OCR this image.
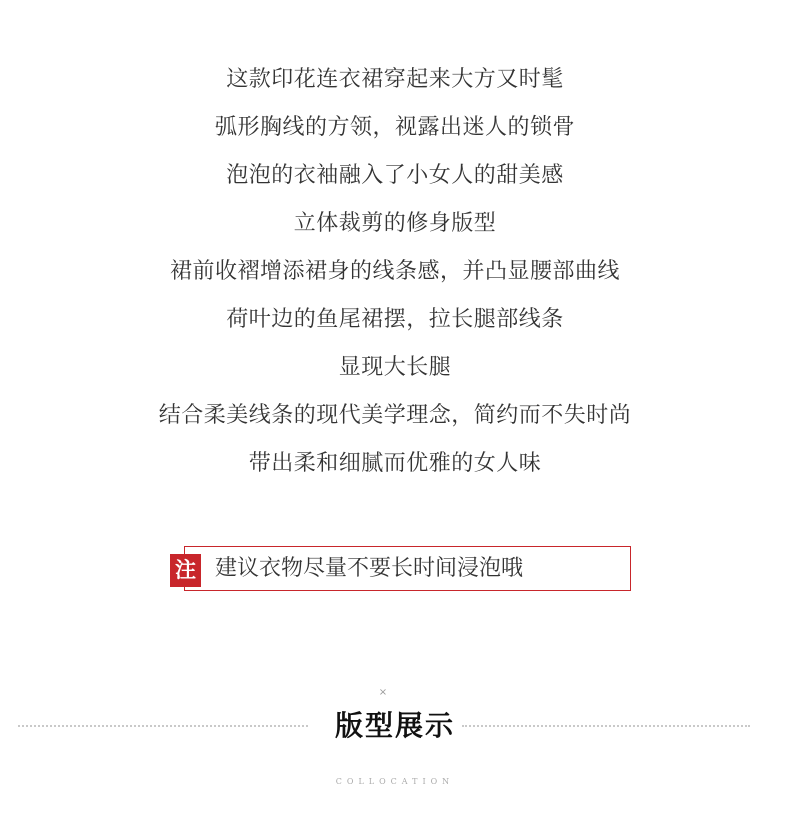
这款印花连衣裙穿起来大方又时髦
弧形胸线的方领，视露出迷人的锁骨
泡泡的衣袖融入了小女人的甜美感
立体裁剪的修身版型
裙前收褶增添裙身的线条感，并凸显腰部曲线
荷叶边的鱼尾裙摆，拉长腿部线条
显现大长腿
结合柔美线条的现代美学理念，简约而不失时尚
带出柔和细腻而优雅的女人味
注 建议衣物尽量不要长时间浸泡哦
×
版型展示
COLLOCATION
